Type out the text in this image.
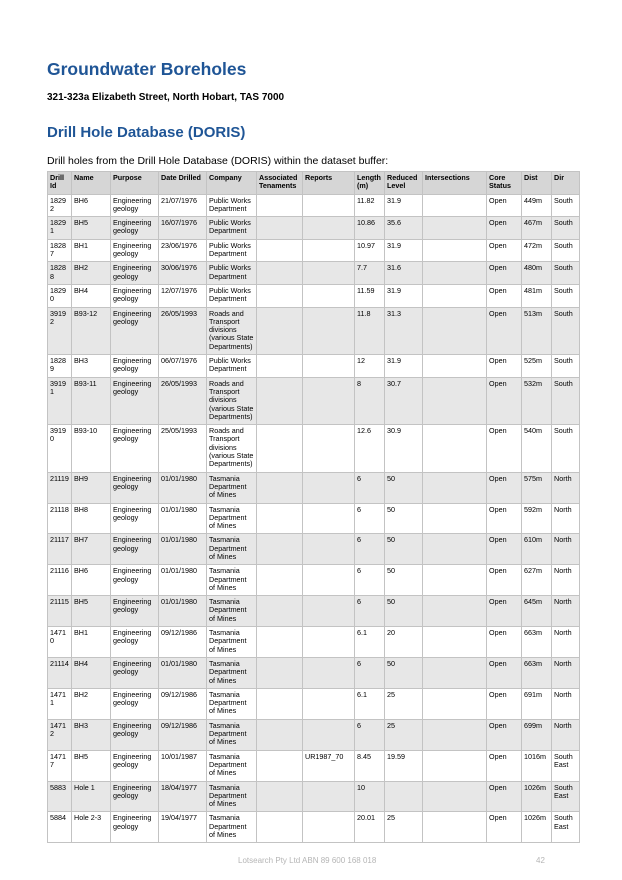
Groundwater Boreholes
321-323a Elizabeth Street, North Hobart, TAS 7000
Drill Hole Database (DORIS)
Drill holes from the Drill Hole Database (DORIS) within the dataset buffer:
Drill Id	Name	Purpose	Date Drilled	Company	Associated Tenaments	Reports	Length (m)	Reduced Level	Intersections	Core Status	Dist	Dir
18292	BH6	Engineering geology	21/07/1976	Public Works Department			11.82	31.9		Open	449m	South
18291	BH5	Engineering geology	16/07/1976	Public Works Department			10.86	35.6		Open	467m	South
18287	BH1	Engineering geology	23/06/1976	Public Works Department			10.97	31.9		Open	472m	South
18288	BH2	Engineering geology	30/06/1976	Public Works Department			7.7	31.6		Open	480m	South
18290	BH4	Engineering geology	12/07/1976	Public Works Department			11.59	31.9		Open	481m	South
39192	B93-12	Engineering geology	26/05/1993	Roads and Transport divisions (various State Departments)			11.8	31.3		Open	513m	South
18289	BH3	Engineering geology	06/07/1976	Public Works Department			12	31.9		Open	525m	South
39191	B93-11	Engineering geology	26/05/1993	Roads and Transport divisions (various State Departments)			8	30.7		Open	532m	South
39190	B93-10	Engineering geology	25/05/1993	Roads and Transport divisions (various State Departments)			12.6	30.9		Open	540m	South
21119	BH9	Engineering geology	01/01/1980	Tasmania Department of Mines			6	50		Open	575m	North
21118	BH8	Engineering geology	01/01/1980	Tasmania Department of Mines			6	50		Open	592m	North
21117	BH7	Engineering geology	01/01/1980	Tasmania Department of Mines			6	50		Open	610m	North
21116	BH6	Engineering geology	01/01/1980	Tasmania Department of Mines			6	50		Open	627m	North
21115	BH5	Engineering geology	01/01/1980	Tasmania Department of Mines			6	50		Open	645m	North
14710	BH1	Engineering geology	09/12/1986	Tasmania Department of Mines			6.1	20		Open	663m	North
21114	BH4	Engineering geology	01/01/1980	Tasmania Department of Mines			6	50		Open	663m	North
14711	BH2	Engineering geology	09/12/1986	Tasmania Department of Mines			6.1	25		Open	691m	North
14712	BH3	Engineering geology	09/12/1986	Tasmania Department of Mines			6	25		Open	699m	North
14717	BH5	Engineering geology	10/01/1987	Tasmania Department of Mines		UR1987_70	8.45	19.59		Open	1016m	South East
5883	Hole 1	Engineering geology	18/04/1977	Tasmania Department of Mines			10			Open	1026m	South East
5884	Hole 2-3	Engineering geology	19/04/1977	Tasmania Department of Mines			20.01	25		Open	1026m	South East
Lotsearch Pty Ltd ABN 89 600 168 018	42
